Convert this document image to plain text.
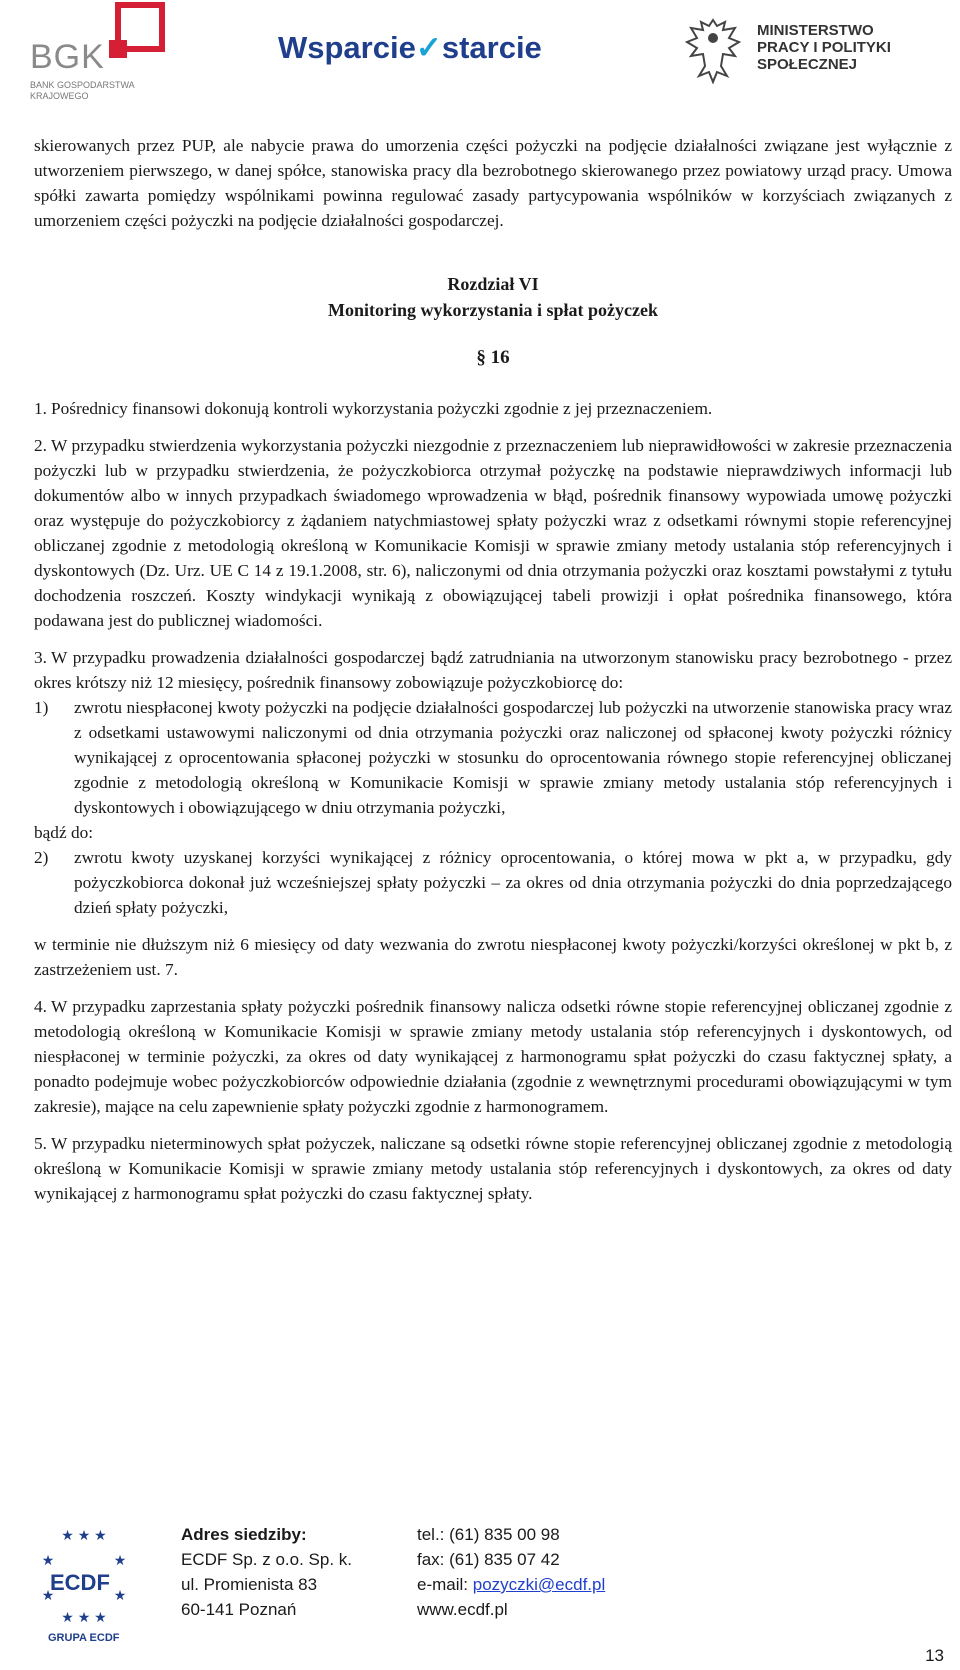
BGK
BANK GOSPODARSTWA
KRAJOWEGO
Wsparcie✓starcie	MINISTERSTWO
PRACY I POLITYKI
SPOŁECZNEJ

skierowanych przez PUP, ale nabycie prawa do umorzenia części pożyczki na podjęcie działalności związane jest wyłącznie z utworzeniem pierwszego, w danej spółce, stanowiska pracy dla bezrobotnego skierowanego przez powiatowy urząd pracy. Umowa spółki zawarta pomiędzy wspólnikami powinna regulować zasady partycypowania wspólników w korzyściach związanych z umorzeniem części pożyczki na podjęcie działalności gospodarczej.

Rozdział VI
Monitoring wykorzystania i spłat pożyczek
§ 16
1. Pośrednicy finansowi dokonują kontroli wykorzystania pożyczki zgodnie z jej przeznaczeniem.
2. W przypadku stwierdzenia wykorzystania pożyczki niezgodnie z przeznaczeniem lub nieprawidłowości w zakresie przeznaczenia pożyczki lub w przypadku stwierdzenia, że pożyczkobiorca otrzymał pożyczkę na podstawie nieprawdziwych informacji lub dokumentów albo w innych przypadkach świadomego wprowadzenia w błąd, pośrednik finansowy wypowiada umowę pożyczki oraz występuje do pożyczkobiorcy z żądaniem natychmiastowej spłaty pożyczki wraz z odsetkami równymi stopie referencyjnej obliczanej zgodnie z metodologią określoną w Komunikacie Komisji w sprawie zmiany metody ustalania stóp referencyjnych i dyskontowych (Dz. Urz. UE C 14 z 19.1.2008, str. 6), naliczonymi od dnia otrzymania pożyczki oraz kosztami powstałymi z tytułu dochodzenia roszczeń. Koszty windykacji wynikają z obowiązującej tabeli prowizji i opłat pośrednika finansowego, która podawana jest do publicznej wiadomości.
3. W przypadku prowadzenia działalności gospodarczej bądź zatrudniania na utworzonym stanowisku pracy bezrobotnego - przez okres krótszy niż 12 miesięcy, pośrednik finansowy zobowiązuje pożyczkobiorcę do:
1)	zwrotu niespłaconej kwoty pożyczki na podjęcie działalności gospodarczej lub pożyczki na utworzenie stanowiska pracy wraz z odsetkami ustawowymi naliczonymi od dnia otrzymania pożyczki oraz naliczonej od spłaconej kwoty pożyczki różnicy wynikającej z oprocentowania spłaconej pożyczki w stosunku do oprocentowania równego stopie referencyjnej obliczanej zgodnie z metodologią określoną w Komunikacie Komisji w sprawie zmiany metody ustalania stóp referencyjnych i dyskontowych i obowiązującego w dniu otrzymania pożyczki,
bądź do:
2)	zwrotu kwoty uzyskanej korzyści wynikającej z różnicy oprocentowania, o której mowa w pkt a, w przypadku, gdy pożyczkobiorca dokonał już wcześniejszej spłaty pożyczki – za okres od dnia otrzymania pożyczki do dnia poprzedzającego dzień spłaty pożyczki,
w terminie nie dłuższym niż 6 miesięcy od daty wezwania do zwrotu niespłaconej kwoty pożyczki/korzyści określonej w pkt b, z zastrzeżeniem ust. 7.
4. W przypadku zaprzestania spłaty pożyczki pośrednik finansowy nalicza odsetki równe stopie referencyjnej obliczanej zgodnie z metodologią określoną w Komunikacie Komisji w sprawie zmiany metody ustalania stóp referencyjnych i dyskontowych, od niespłaconej w terminie pożyczki, za okres od daty wynikającej z harmonogramu spłat pożyczki do czasu faktycznej spłaty, a ponadto podejmuje wobec pożyczkobiorców odpowiednie działania (zgodnie z wewnętrznymi procedurami obowiązującymi w tym zakresie), mające na celu zapewnienie spłaty pożyczki zgodnie z harmonogramem.
5. W przypadku nieterminowych spłat pożyczek, naliczane są odsetki równe stopie referencyjnej obliczanej zgodnie z metodologią określoną w Komunikacie Komisji w sprawie zmiany metody ustalania stóp referencyjnych i dyskontowych, za okres od daty wynikającej z harmonogramu spłat pożyczki do czasu faktycznej spłaty.
★ ★ ★
★	★
★	★
★ ★ ★
ECDF
GRUPA ECDF
Adres siedziby:
ECDF Sp. z o.o. Sp. k.
ul. Promienista 83
60-141 Poznań
tel.: (61) 835 00 98
fax: (61) 835 07 42
e-mail: pozyczki@ecdf.pl
www.ecdf.pl
13
